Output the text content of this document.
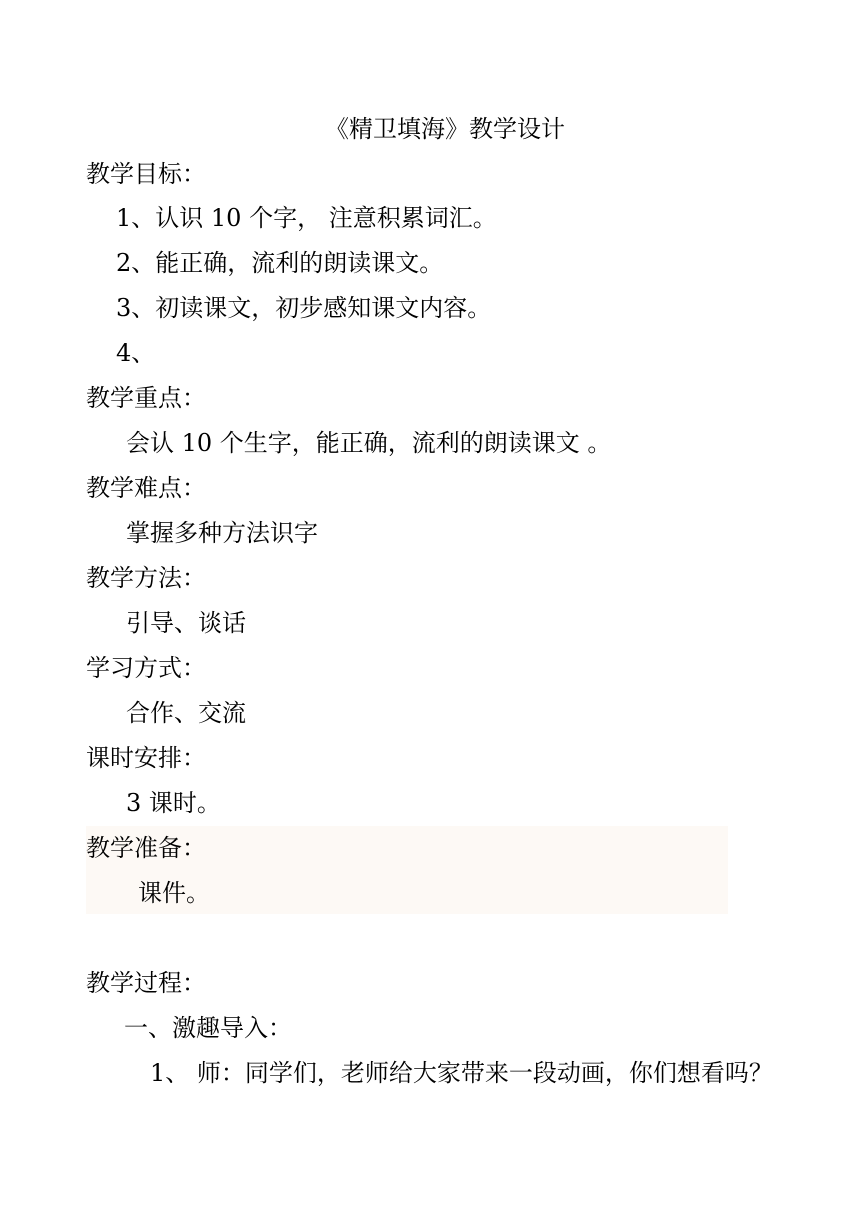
《精卫填海》教学设计
教学目标：
1、认识 10 个字， 注意积累词汇。
2、能正确，流利的朗读课文。
3、初读课文，初步感知课文内容。
4、
教学重点：
会认 10 个生字，能正确，流利的朗读课文 。
教学难点：
掌握多种方法识字
教学方法：
引导、谈话
学习方式：
合作、交流
课时安排：
3 课时。
教学准备：
课件。
教学过程：
一、激趣导入：
1、 师：同学们，老师给大家带来一段动画，你们想看吗？
